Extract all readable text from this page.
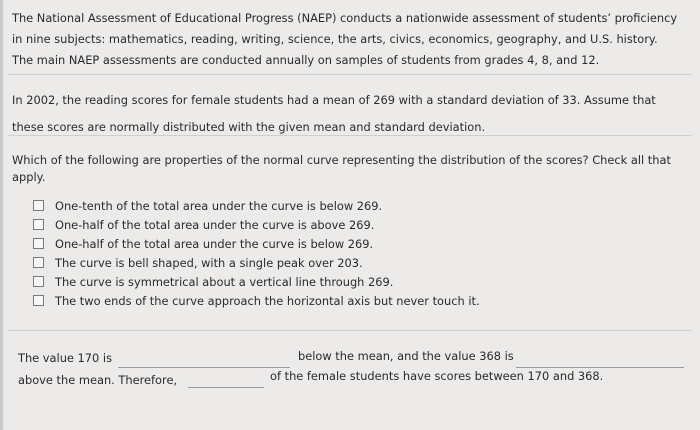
The National Assessment of Educational Progress (NAEP) conducts a nationwide assessment of students’ proficiency

in nine subjects: mathematics, reading, writing, science, the arts, civics, economics, geography, and U.S. history.

The main NAEP assessments are conducted annually on samples of students from grades 4, 8, and 12.

In 2002, the reading scores for female students had a mean of 269 with a standard deviation of 33. Assume that

these scores are normally distributed with the given mean and standard deviation.

Which of the following are properties of the normal curve representing the distribution of the scores? Check all that

apply.

One-tenth of the total area under the curve is below 269.
One-half of the total area under the curve is above 269.
One-half of the total area under the curve is below 269.
The curve is bell shaped, with a single peak over 203.
The curve is symmetrical about a vertical line through 269.
The two ends of the curve approach the horizontal axis but never touch it.
The value 170 is	below the mean, and the value 368 is
above the mean. Therefore,	of the female students have scores between 170 and 368.
